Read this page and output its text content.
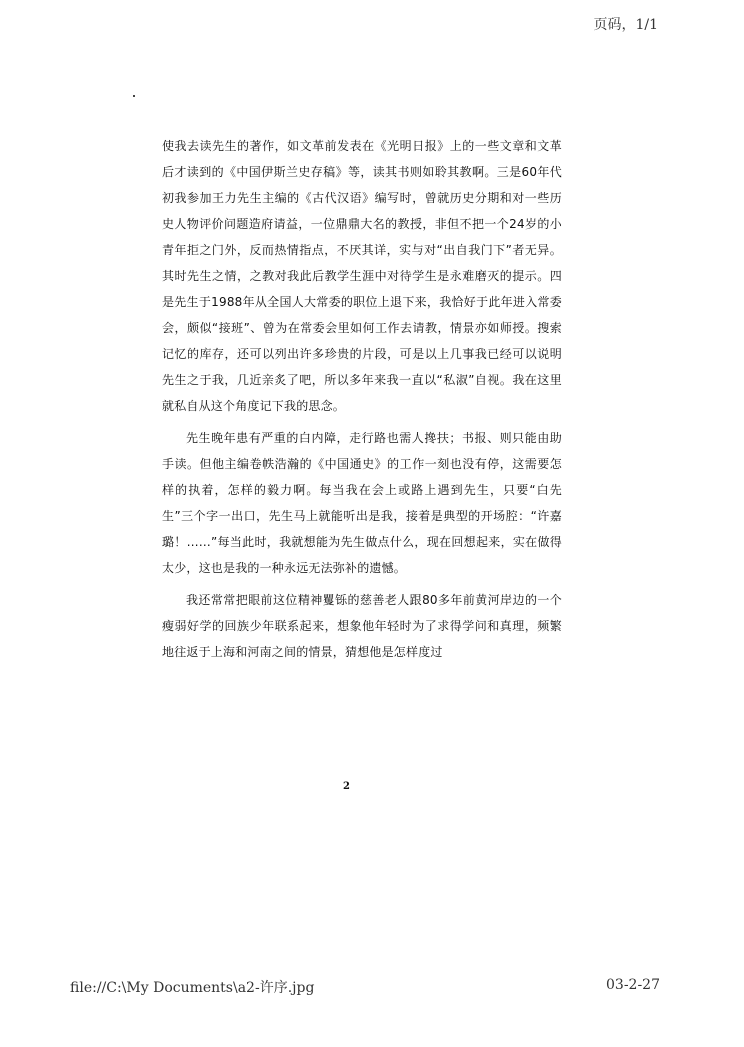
页码，1/1

使我去读先生的著作，如文革前发表在《光明日报》上的一些文章和文革后才读到的《中国伊斯兰史存稿》等，读其书则如聆其教啊。三是60年代初我参加王力先生主编的《古代汉语》编写时，曾就历史分期和对一些历史人物评价问题造府请益，一位鼎鼎大名的教授，非但不把一个24岁的小青年拒之门外，反而热情指点，不厌其详，实与对“出自我门下”者无异。其时先生之情，之教对我此后教学生涯中对待学生是永难磨灭的提示。四是先生于1988年从全国人大常委的职位上退下来，我恰好于此年进入常委会，颇似“接班”、曾为在常委会里如何工作去请教，情景亦如师授。搜索记忆的库存，还可以列出许多珍贵的片段，可是以上几事我已经可以说明先生之于我，几近亲炙了吧，所以多年来我一直以“私淑”自视。我在这里就私自从这个角度记下我的思念。

先生晚年患有严重的白内障，走行路也需人搀扶；书报、则只能由助手读。但他主编卷帙浩瀚的《中国通史》的工作一刻也没有停，这需要怎样的执着，怎样的毅力啊。每当我在会上或路上遇到先生，只要“白先生”三个字一出口，先生马上就能听出是我，接着是典型的开场腔：“许嘉璐！……”每当此时，我就想能为先生做点什么，现在回想起来，实在做得太少，这也是我的一种永远无法弥补的遗憾。

我还常常把眼前这位精神矍铄的慈善老人跟80多年前黄河岸边的一个瘦弱好学的回族少年联系起来，想象他年轻时为了求得学问和真理，频繁地往返于上海和河南之间的情景，猜想他是怎样度过

2
file://C:\My Documents\a2-许序.jpg	03-2-27
